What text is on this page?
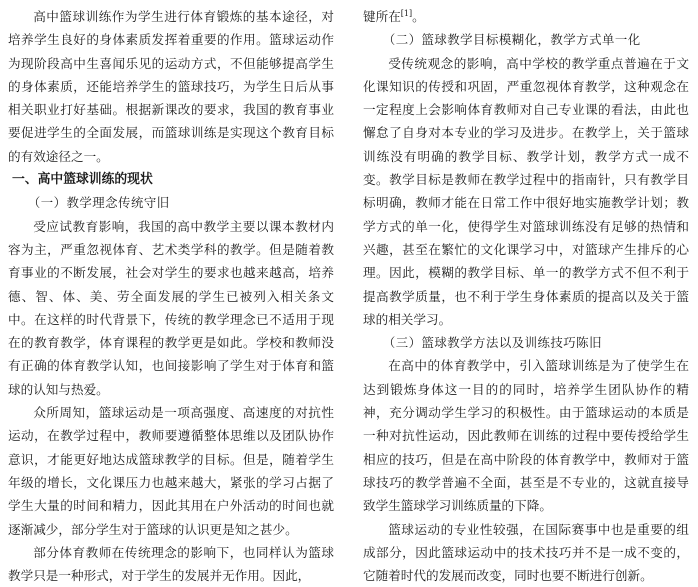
高中篮球训练作为学生进行体育锻炼的基本途径，对培养学生良好的身体素质发挥着重要的作用。篮球运动作为现阶段高中生喜闻乐见的运动方式，不但能够提高学生的身体素质，还能培养学生的篮球技巧，为学生日后从事相关职业打好基础。根据新课改的要求，我国的教育事业要促进学生的全面发展，而篮球训练是实现这个教育目标的有效途径之一。

一、高中篮球训练的现状
（一）教学理念传统守旧

受应试教育影响，我国的高中教学主要以课本教材内容为主，严重忽视体育、艺术类学科的教学。但是随着教育事业的不断发展，社会对学生的要求也越来越高，培养德、智、体、美、劳全面发展的学生已被列入相关条文中。在这样的时代背景下，传统的教学理念已不适用于现在的教育教学，体育课程的教学更是如此。学校和教师没有正确的体育教学认知，也间接影响了学生对于体育和篮球的认知与热爱。

众所周知，篮球运动是一项高强度、高速度的对抗性运动，在教学过程中，教师要遵循整体思维以及团队协作意识，才能更好地达成篮球教学的目标。但是，随着学生年级的增长，文化课压力也越来越大，紧张的学习占据了学生大量的时间和精力，因此其用在户外活动的时间也就逐渐减少，部分学生对于篮球的认识更是知之甚少。

部分体育教师在传统理念的影响下，也同样认为篮球教学只是一种形式，对于学生的发展并无作用。因此，

键所在[1]。

（二）篮球教学目标模糊化，教学方式单一化

受传统观念的影响，高中学校的教学重点普遍在于文化课知识的传授和巩固，严重忽视体育教学，这种观念在一定程度上会影响体育教师对自己专业课的看法，由此也懈怠了自身对本专业的学习及进步。在教学上，关于篮球训练没有明确的教学目标、教学计划，教学方式一成不变。教学目标是教师在教学过程中的指南针，只有教学目标明确，教师才能在日常工作中很好地实施教学计划；教学方式的单一化，使得学生对篮球训练没有足够的热情和兴趣，甚至在繁忙的文化课学习中，对篮球产生排斥的心理。因此，模糊的教学目标、单一的教学方式不但不利于提高教学质量，也不利于学生身体素质的提高以及关于篮球的相关学习。

（三）篮球教学方法以及训练技巧陈旧

在高中的体育教学中，引入篮球训练是为了使学生在达到锻炼身体这一目的的同时，培养学生团队协作的精神，充分调动学生学习的积极性。由于篮球运动的本质是一种对抗性运动，因此教师在训练的过程中要传授给学生相应的技巧，但是在高中阶段的体育教学中，教师对于篮球技巧的教学普遍不全面，甚至是不专业的，这就直接导致学生篮球学习训练质量的下降。

篮球运动的专业性较强，在国际赛事中也是重要的组成部分，因此篮球运动中的技术技巧并不是一成不变的，它随着时代的发展而改变，同时也要不断进行创新。
